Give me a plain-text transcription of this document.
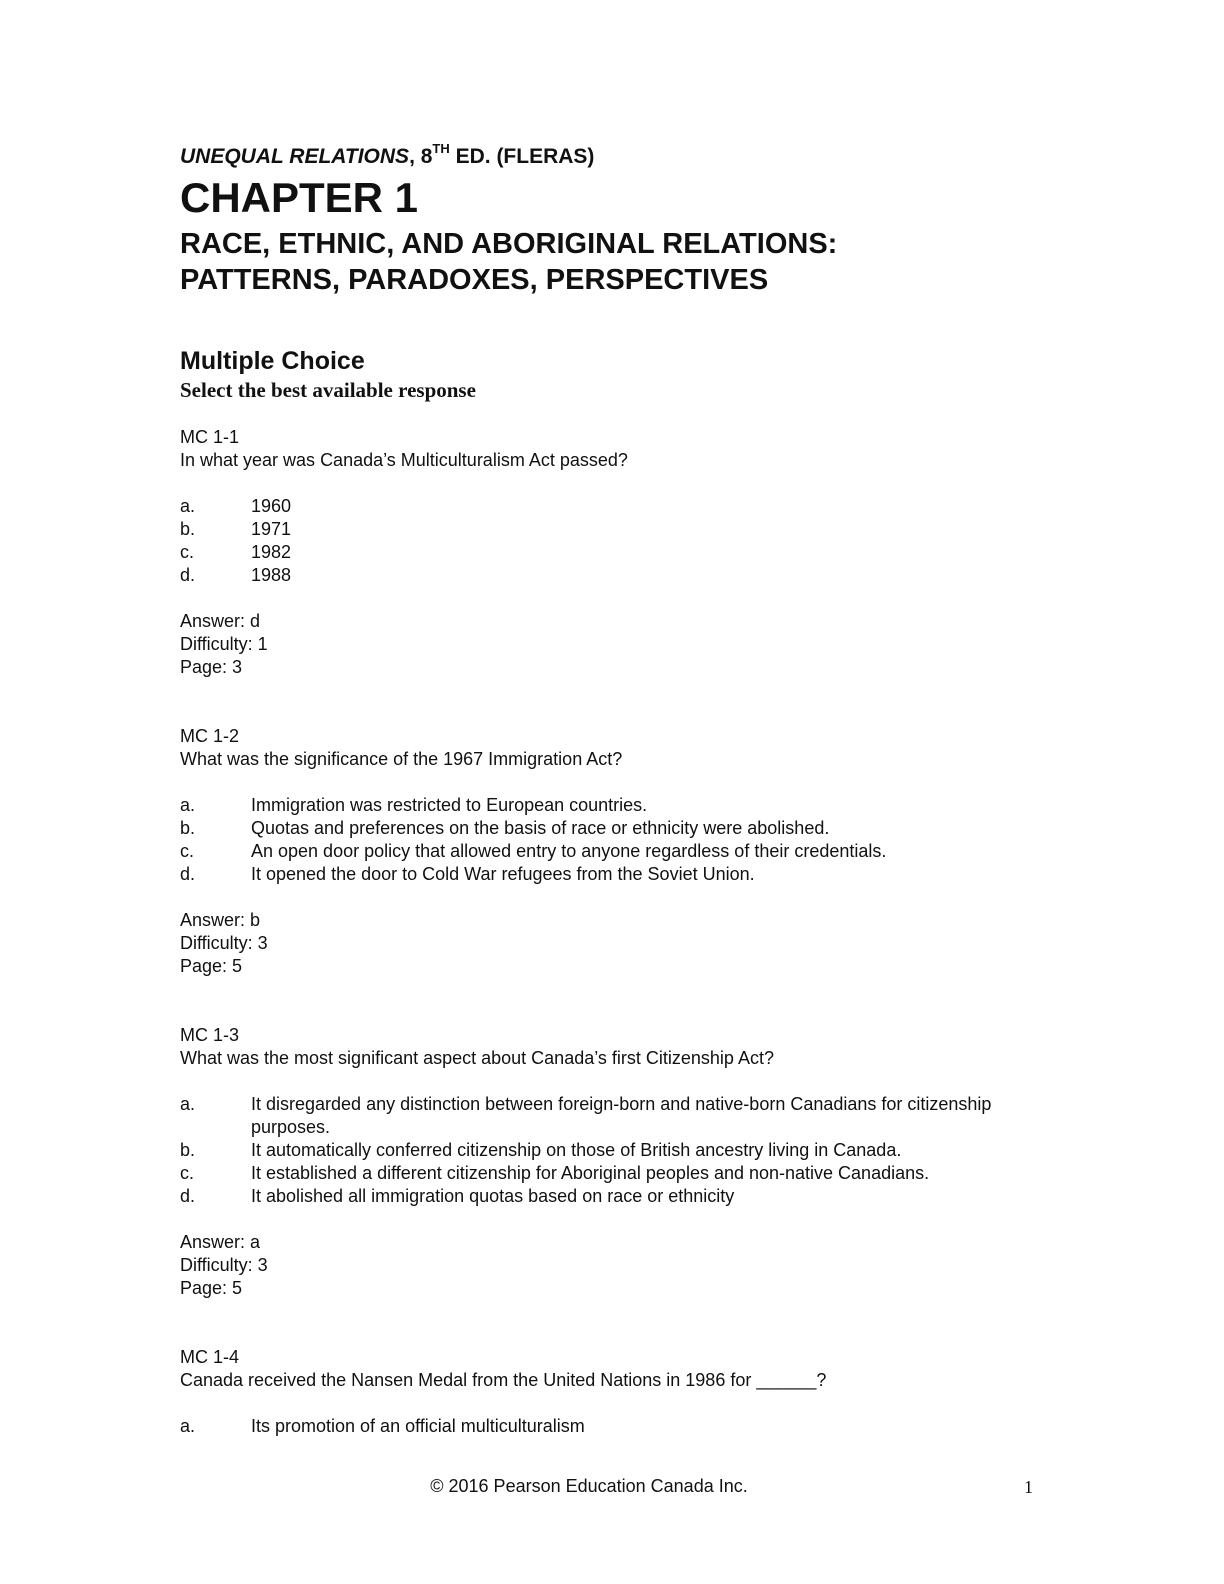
UNEQUAL RELATIONS, 8TH ED. (FLERAS)

CHAPTER 1
RACE, ETHNIC, AND ABORIGINAL RELATIONS:
PATTERNS, PARADOXES, PERSPECTIVES
Multiple Choice

Select the best available response

MC 1-1

In what year was Canada’s Multiculturalism Act passed?

a.	1960
b.	1971
c.	1982
d.	1988

Answer: d

Difficulty: 1

Page: 3

MC 1-2

What was the significance of the 1967 Immigration Act?

a.	Immigration was restricted to European countries.
b.	Quotas and preferences on the basis of race or ethnicity were abolished.
c.	An open door policy that allowed entry to anyone regardless of their credentials.
d.	It opened the door to Cold War refugees from the Soviet Union.

Answer: b

Difficulty: 3

Page: 5

MC 1-3

What was the most significant aspect about Canada’s first Citizenship Act?

a.	It disregarded any distinction between foreign-born and native-born Canadians for citizenship purposes.
b.	It automatically conferred citizenship on those of British ancestry living in Canada.
c.	It established a different citizenship for Aboriginal peoples and non-native Canadians.
d.	It abolished all immigration quotas based on race or ethnicity

Answer: a

Difficulty: 3

Page: 5

MC 1-4

Canada received the Nansen Medal from the United Nations in 1986 for ______?

a.	Its promotion of an official multiculturalism
© 2016 Pearson Education Canada Inc.	1
